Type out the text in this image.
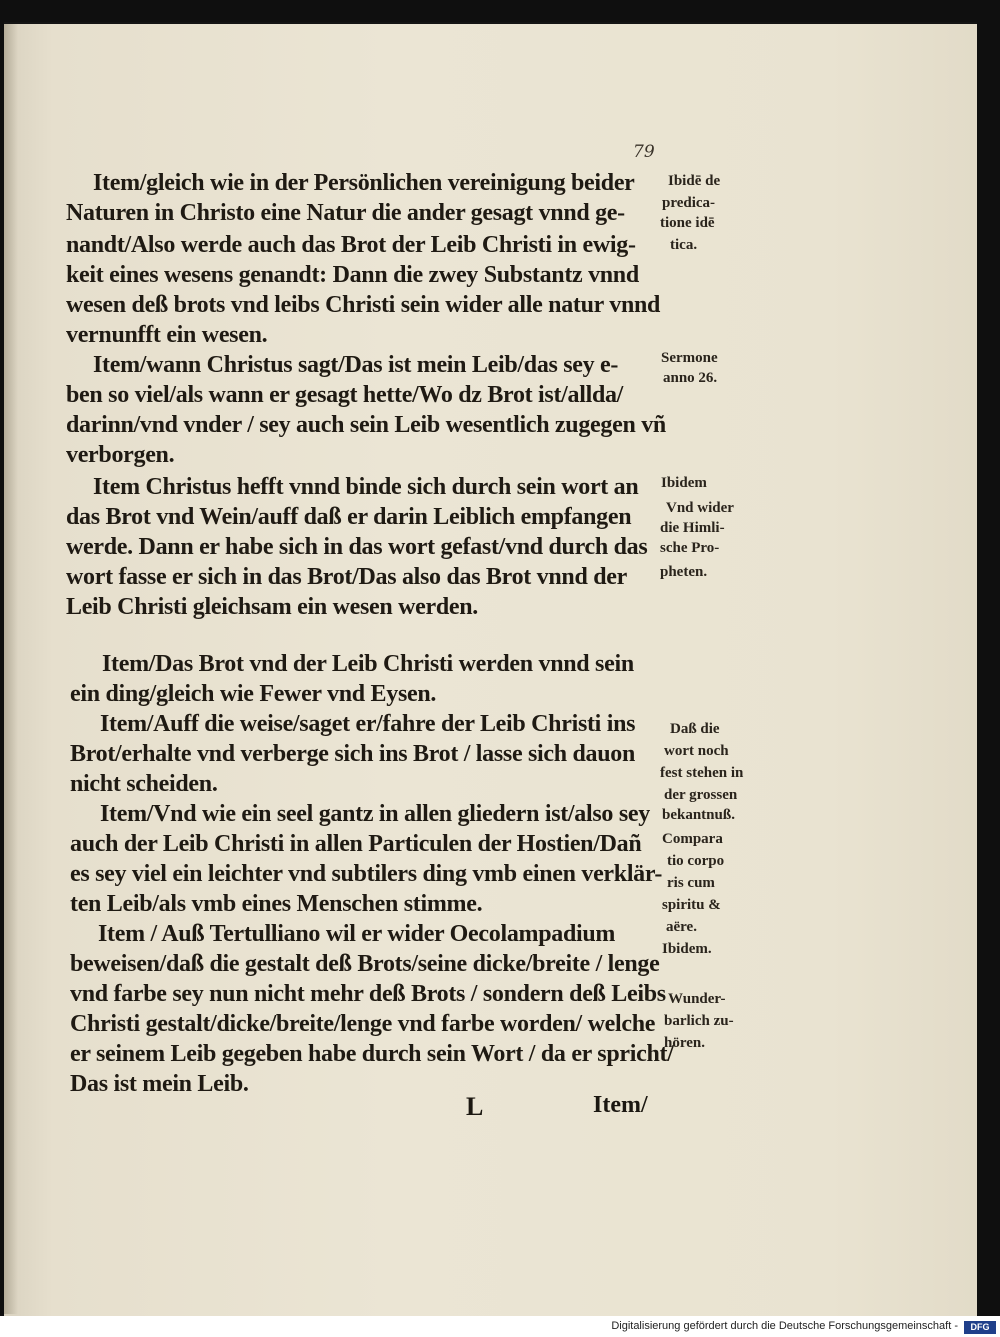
79
Item/gleich wie in der Persönlichen vereinigung beider
Naturen in Christo eine Natur die ander gesagt vnnd ge-
nandt/Also werde auch das Brot der Leib Christi in ewig-
keit eines wesens genandt: Dann die zwey Substantz vnnd
wesen deß brots vnd leibs Christi sein wider alle natur vnnd
vernunfft ein wesen.
Item/wann Christus sagt/Das ist mein Leib/das sey e-
ben so viel/als wann er gesagt hette/Wo dz Brot ist/allda/
darinn/vnd vnder / sey auch sein Leib wesentlich zugegen vñ
verborgen.
Item Christus hefft vnnd binde sich durch sein wort an
das Brot vnd Wein/auff daß er darin Leiblich empfangen
werde. Dann er habe sich in das wort gefast/vnd durch das
wort fasse er sich in das Brot/Das also das Brot vnnd der
Leib Christi gleichsam ein wesen werden.
Item/Das Brot vnd der Leib Christi werden vnnd sein
ein ding/gleich wie Fewer vnd Eysen.
Item/Auff die weise/saget er/fahre der Leib Christi ins
Brot/erhalte vnd verberge sich ins Brot / lasse sich dauon
nicht scheiden.
Item/Vnd wie ein seel gantz in allen gliedern ist/also sey
auch der Leib Christi in allen Particulen der Hostien/Dañ
es sey viel ein leichter vnd subtilers ding vmb einen verklär-
ten Leib/als vmb eines Menschen stimme.
Item / Auß Tertulliano wil er wider Oecolampadium
beweisen/daß die gestalt deß Brots/seine dicke/breite / lenge
vnd farbe sey nun nicht mehr deß Brots / sondern deß Leibs
Christi gestalt/dicke/breite/lenge vnd farbe worden/ welche
er seinem Leib gegeben habe durch sein Wort / da er spricht/
Das ist mein Leib.
Ibidē de
predica-
tione idē
tica.
Sermone
anno 26.
Ibidem
Vnd wider
die Himli-
sche Pro-
pheten.
Daß die
wort noch
fest stehen in
der grossen
bekantnuß.
Compara
tio corpo
ris cum
spiritu &
aëre.
Ibidem.
Wunder-
barlich zu-
hören.
L	Item/
Digitalisierung gefördert durch die Deutsche Forschungsgemeinschaft -	DFG
